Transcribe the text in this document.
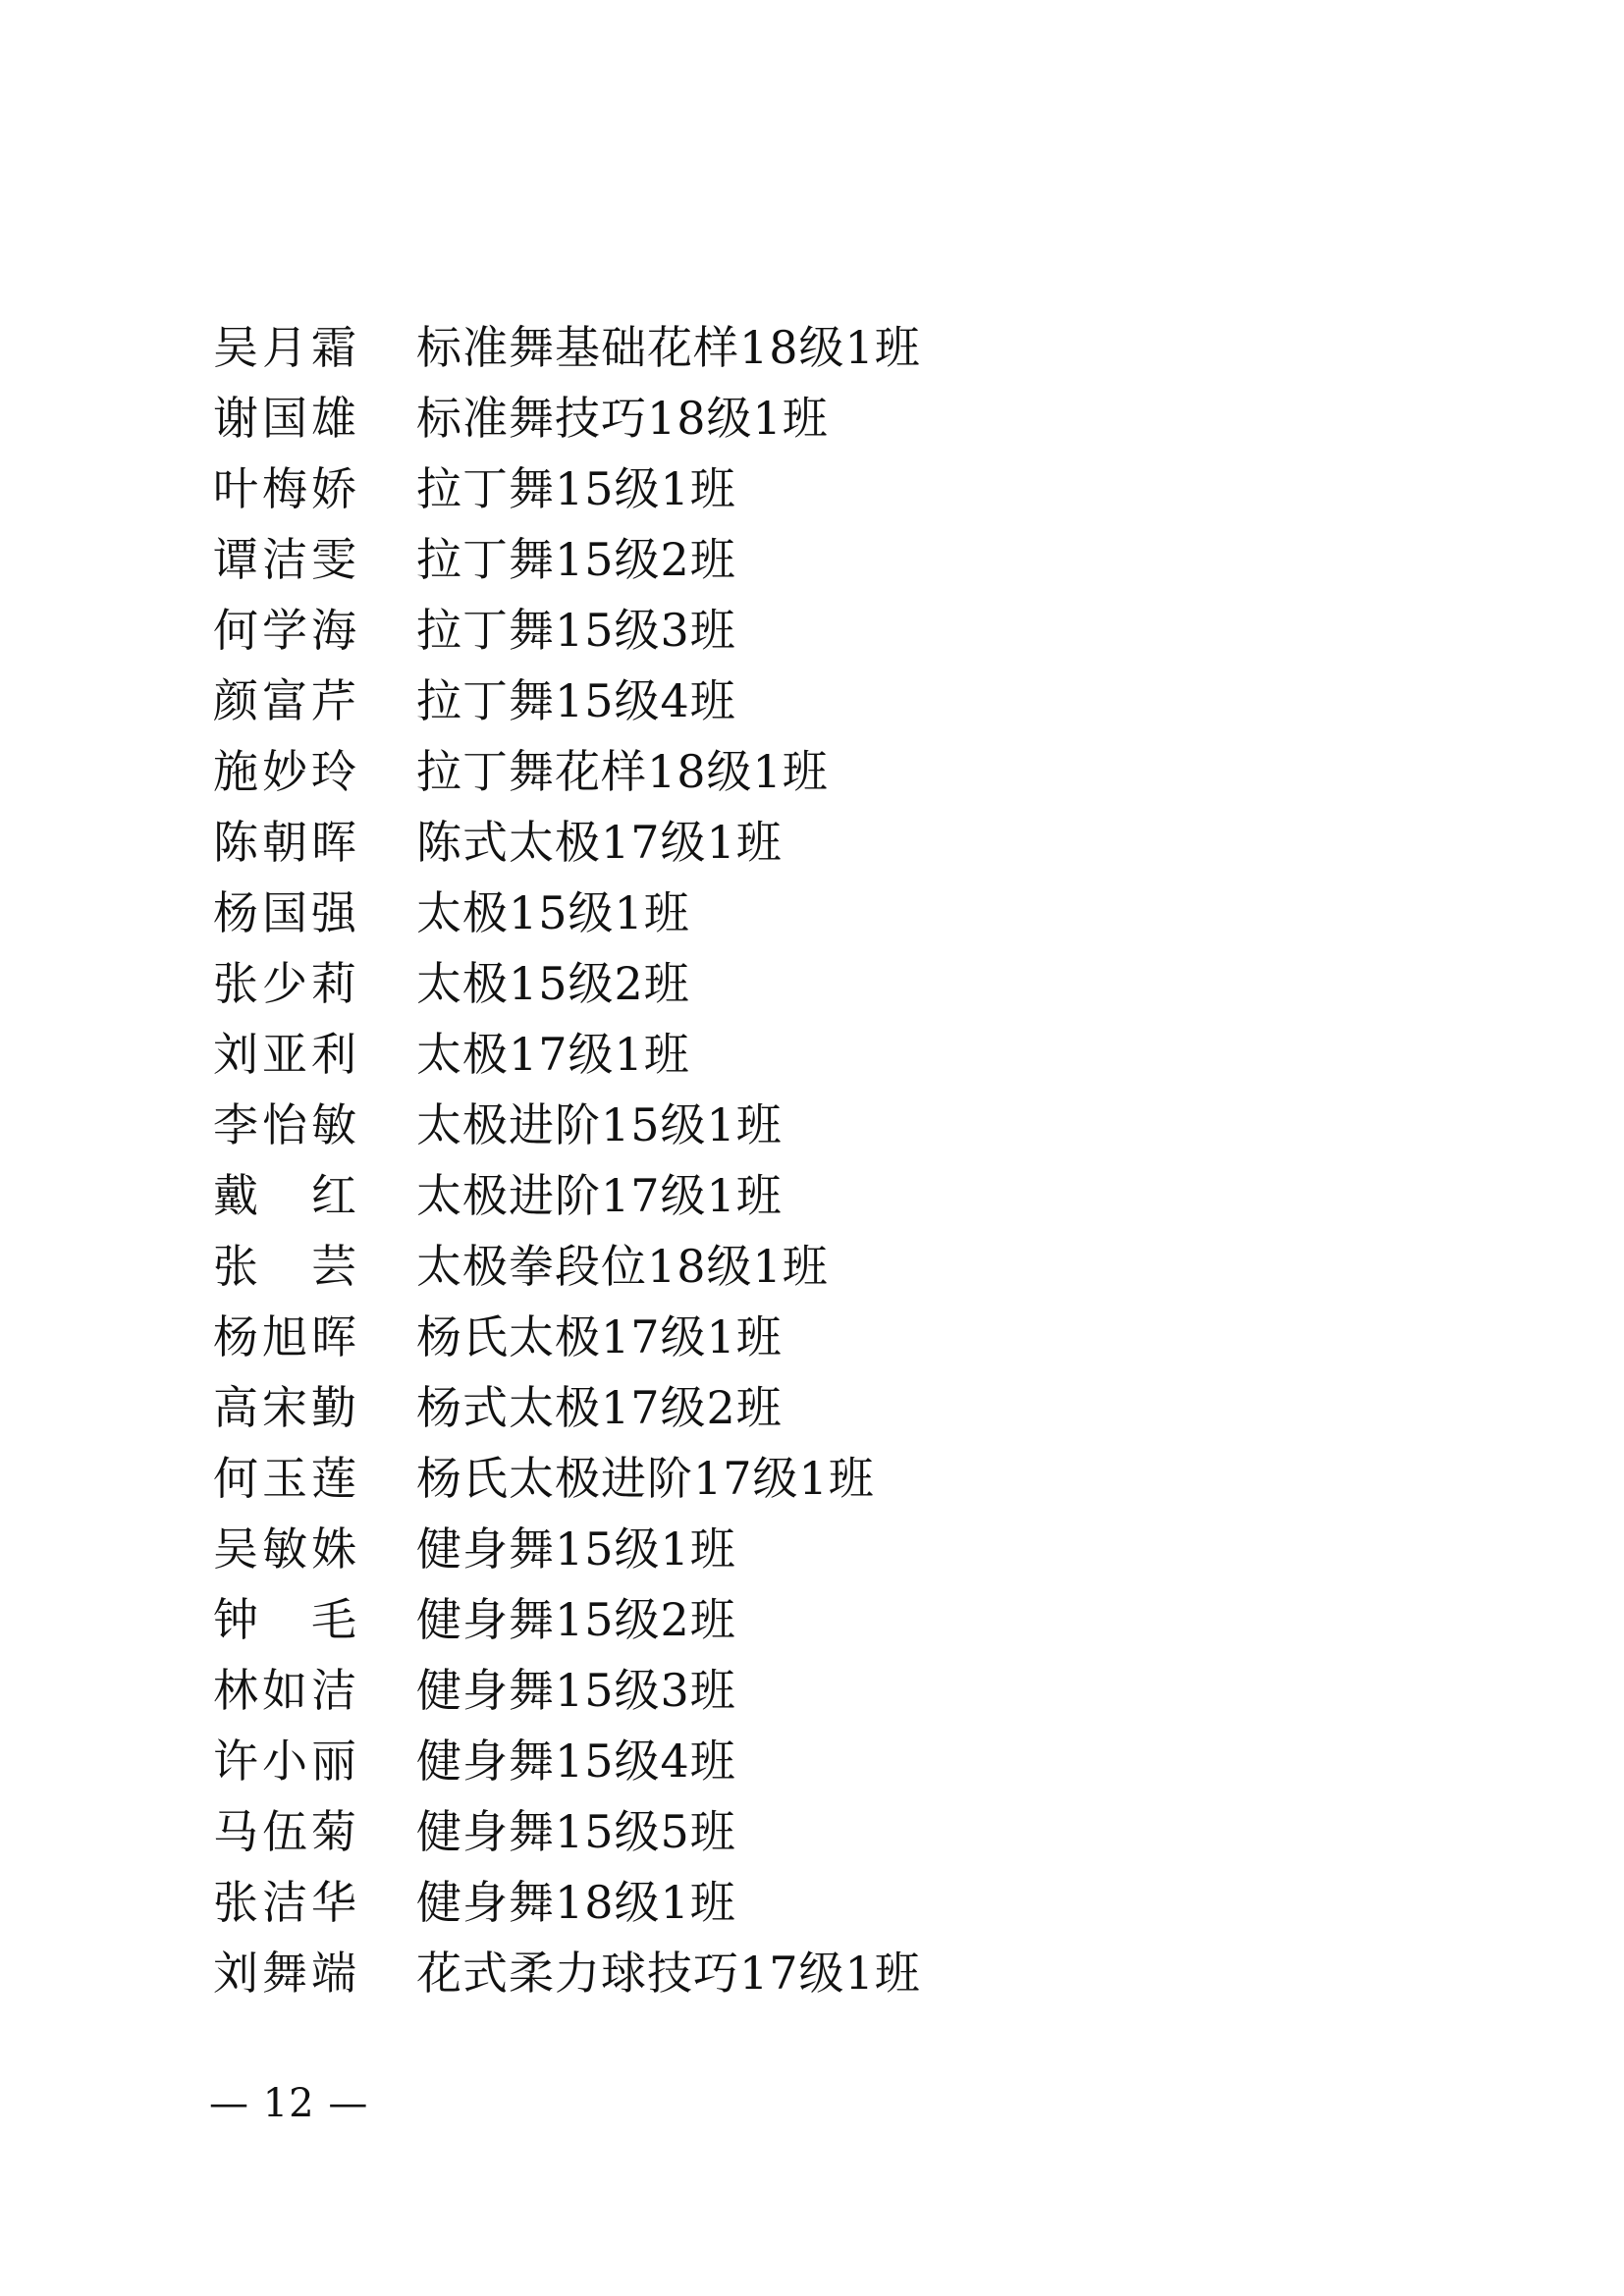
吴月霜	标准舞基础花样18级1班
谢国雄	标准舞技巧18级1班
叶梅娇	拉丁舞15级1班
谭洁雯	拉丁舞15级2班
何学海	拉丁舞15级3班
颜富芹	拉丁舞15级4班
施妙玲	拉丁舞花样18级1班
陈朝晖	陈式太极17级1班
杨国强	太极15级1班
张少莉	太极15级2班
刘亚利	太极17级1班
李怡敏	太极进阶15级1班
戴　红	太极进阶17级1班
张　芸	太极拳段位18级1班
杨旭晖	杨氏太极17级1班
高宋勤	杨式太极17级2班
何玉莲	杨氏太极进阶17级1班
吴敏姝	健身舞15级1班
钟　毛	健身舞15级2班
林如洁	健身舞15级3班
许小丽	健身舞15级4班
马伍菊	健身舞15级5班
张洁华	健身舞18级1班
刘舞端	花式柔力球技巧17级1班
— 12 —
